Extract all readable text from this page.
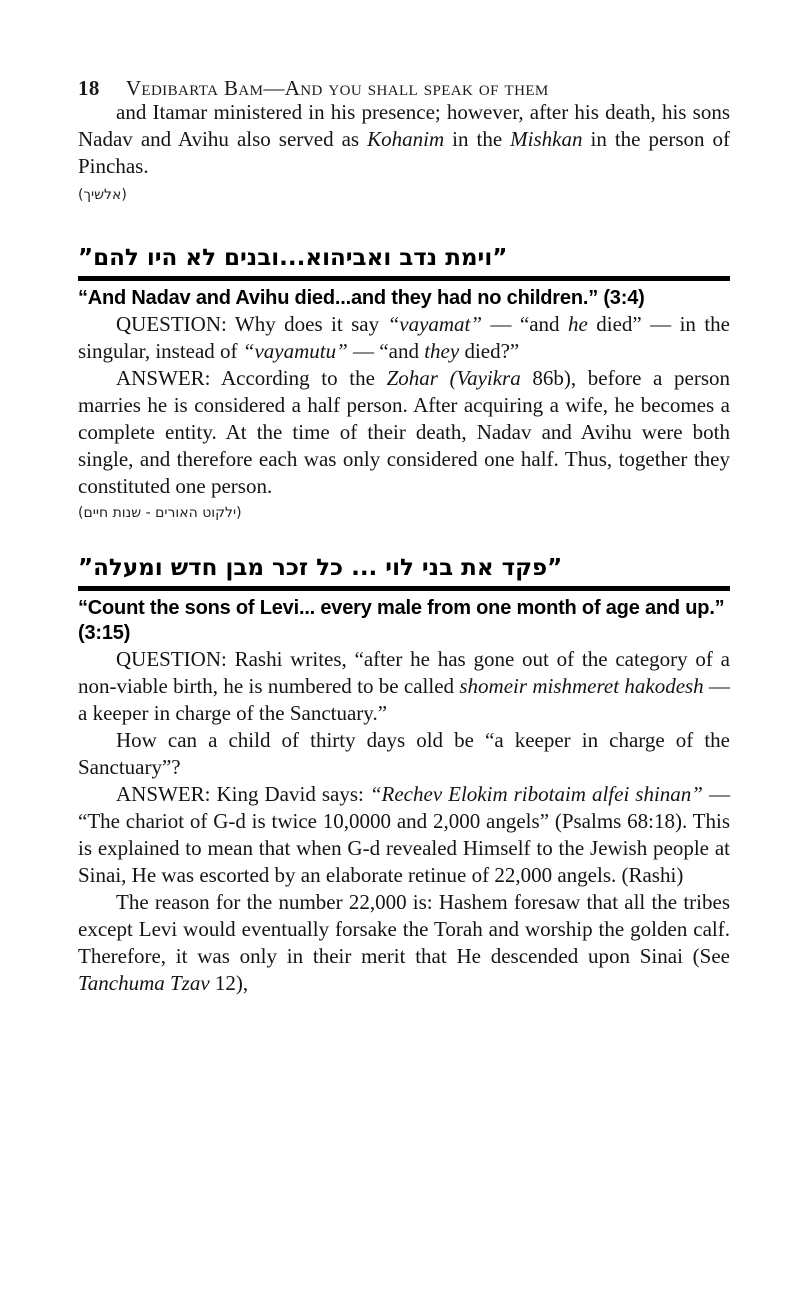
18 Vedibarta Bam—And you shall speak of them

and Itamar ministered in his presence; however, after his death, his sons Nadav and Avihu also served as Kohanim in the Mishkan in the person of Pinchas.

(אלשיך)
”וימת נדב ואביהוא...ובנים לא היו להם”
“And Nadav and Avihu died...and they had no children.” (3:4)

QUESTION: Why does it say “vayamat” — “and he died” — in the singular, instead of “vayamutu” — “and they died?”

ANSWER: According to the Zohar (Vayikra 86b), before a person marries he is considered a half person. After acquiring a wife, he becomes a complete entity. At the time of their death, Nadav and Avihu were both single, and therefore each was only considered one half. Thus, together they constituted one person.

(ילקוט האורים - שנות חיים)
”פקד את בני לוי ... כל זכר מבן חדש ומעלה”
“Count the sons of Levi... every male from one month of age and up.” (3:15)

QUESTION: Rashi writes, “after he has gone out of the category of a non-viable birth, he is numbered to be called shomeir mishmeret hakodesh — a keeper in charge of the Sanctuary.”

How can a child of thirty days old be “a keeper in charge of the Sanctuary”?

ANSWER: King David says: “Rechev Elokim ribotaim alfei shinan” — “The chariot of G-d is twice 10,0000 and 2,000 angels” (Psalms 68:18). This is explained to mean that when G-d revealed Himself to the Jewish people at Sinai, He was escorted by an elaborate retinue of 22,000 angels. (Rashi)

The reason for the number 22,000 is: Hashem foresaw that all the tribes except Levi would eventually forsake the Torah and worship the golden calf. Therefore, it was only in their merit that He descended upon Sinai (See Tanchuma Tzav 12),
